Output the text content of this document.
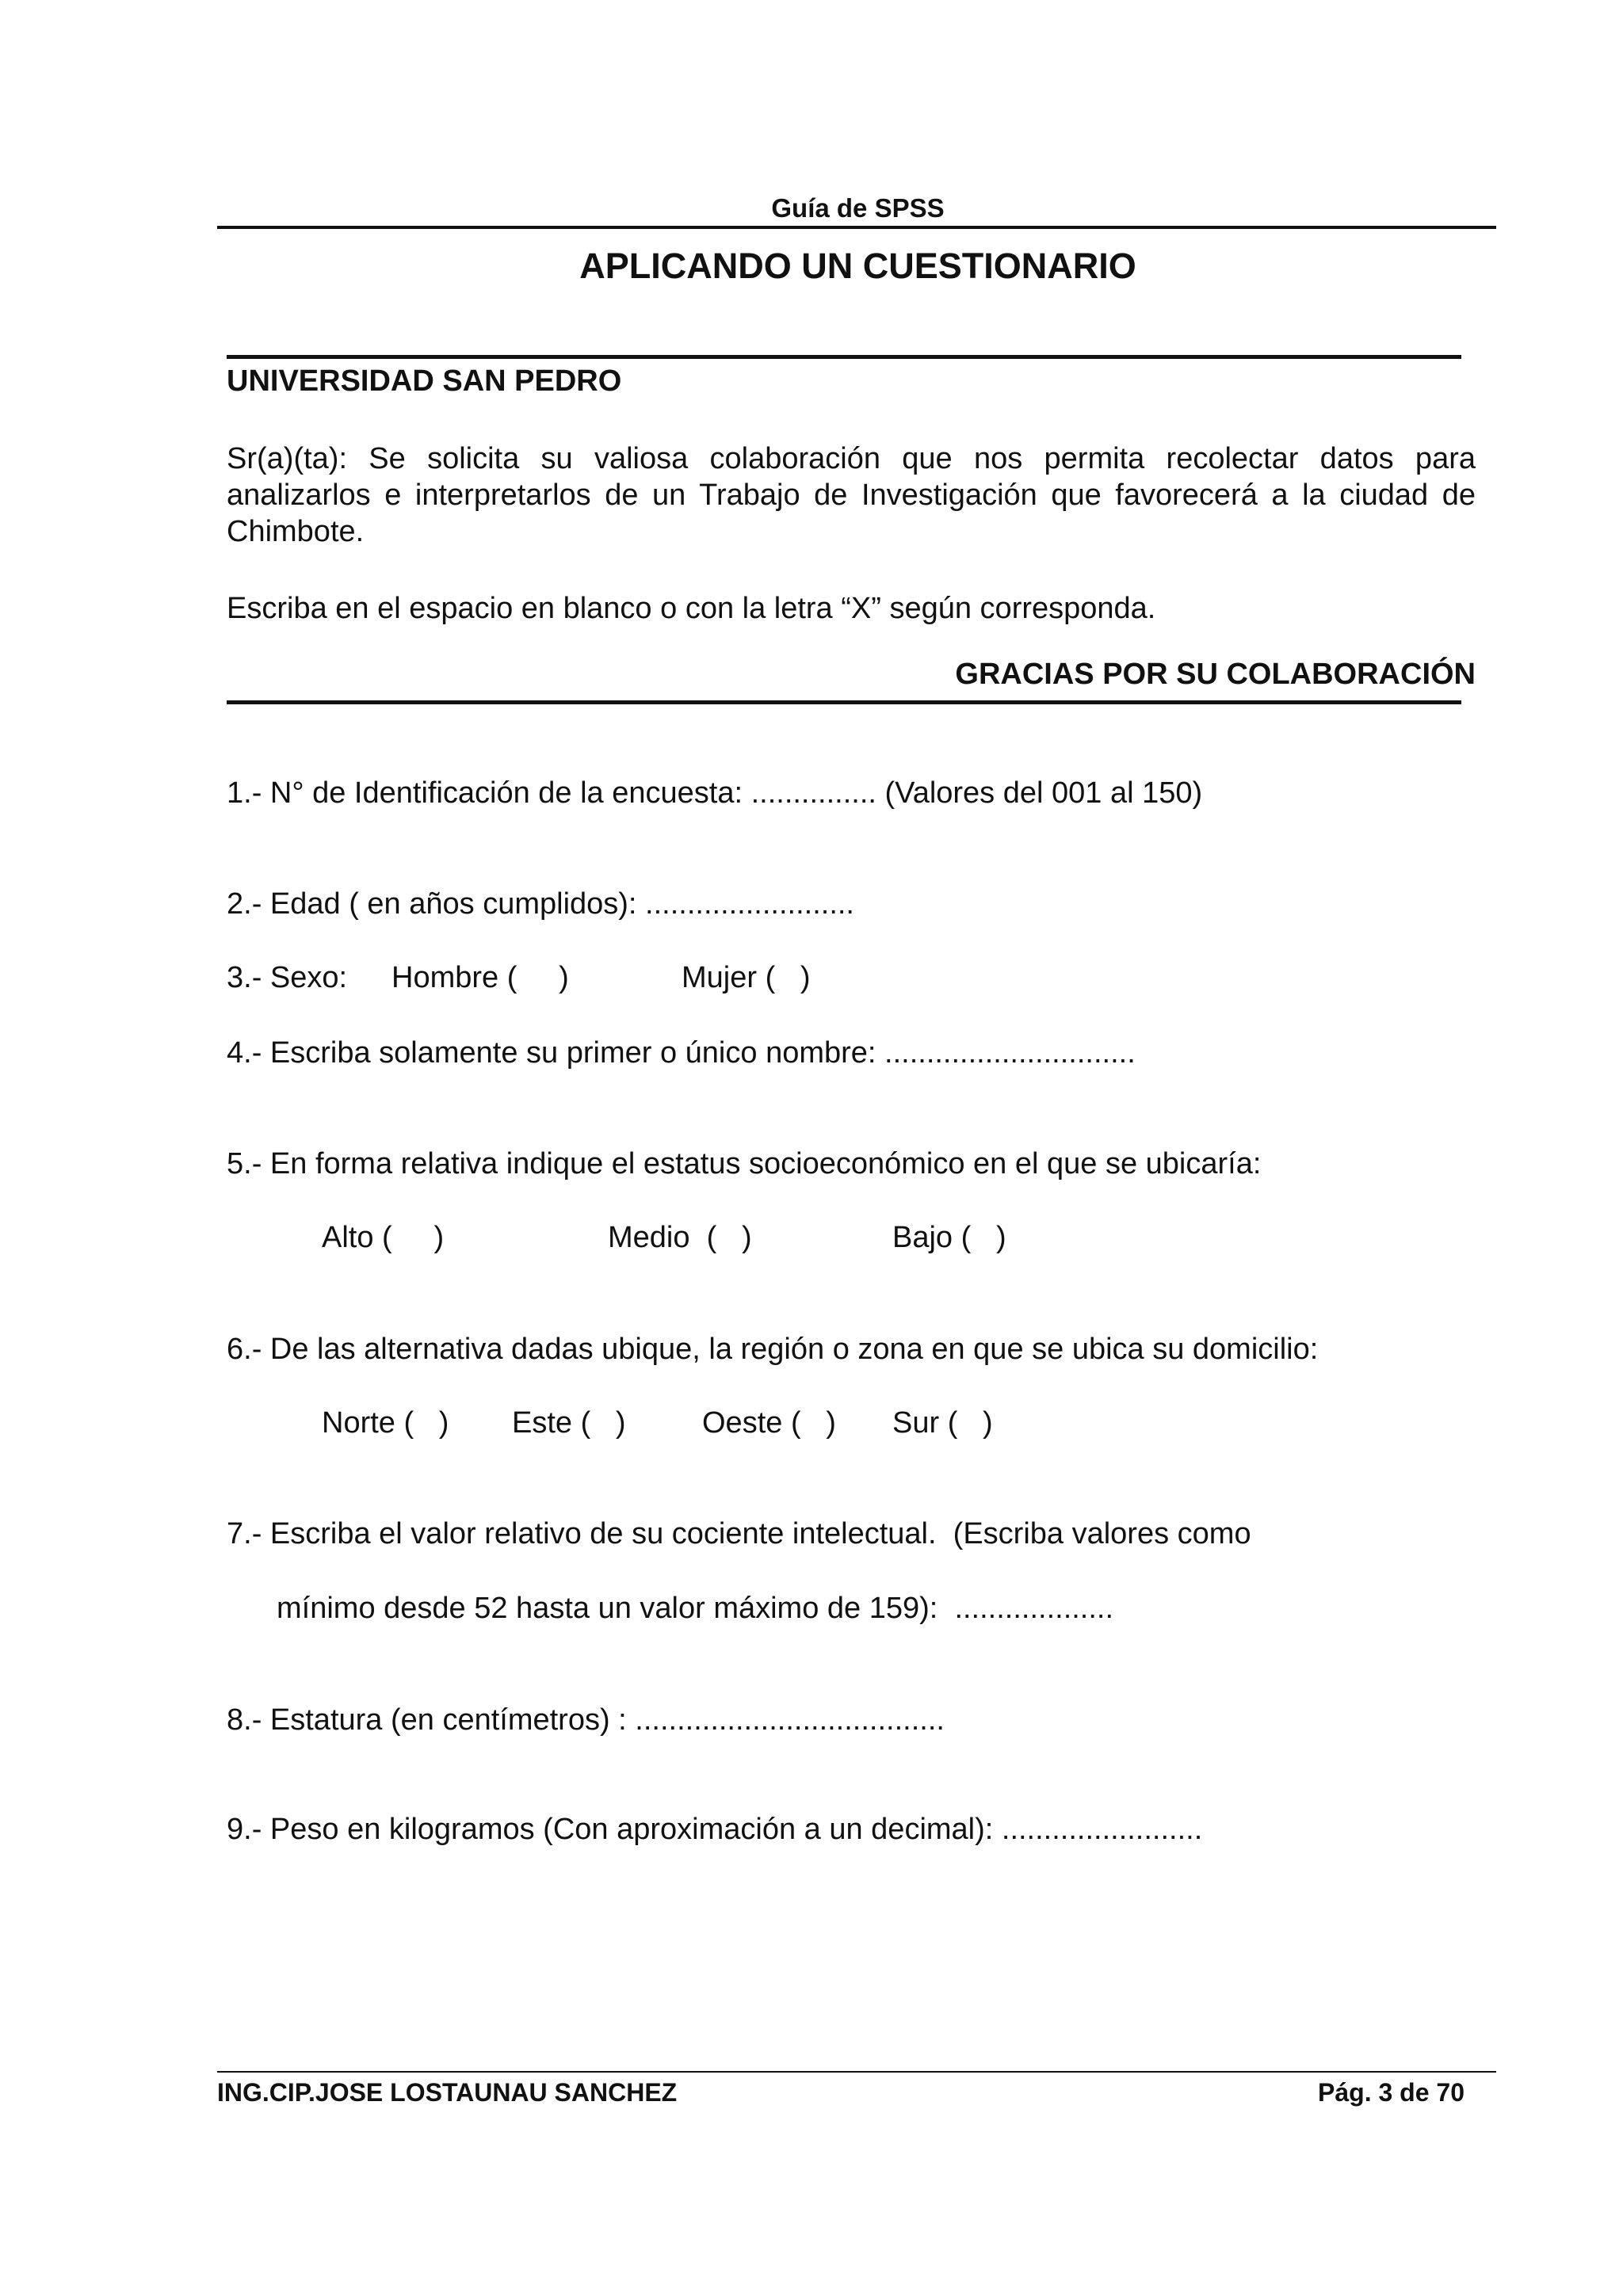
Guía de SPSS
APLICANDO UN CUESTIONARIO
UNIVERSIDAD SAN PEDRO
Sr(a)(ta): Se solicita su valiosa colaboración que nos permita recolectar datos para analizarlos e interpretarlos de un Trabajo de Investigación que favorecerá a la ciudad de Chimbote.
Escriba en el espacio en blanco o con la letra “X” según corresponda.
GRACIAS POR SU COLABORACIÓN
1.- N° de Identificación de la encuesta: ............... (Valores del 001 al 150)
2.- Edad ( en años cumplidos): .........................
3.- Sexo: Hombre (     )	Mujer (   )
4.- Escriba solamente su primer o único nombre: ..............................
5.- En forma relativa indique el estatus socioeconómico en el que se ubicaría:
Alto (     )	Medio  (   )	Bajo (   )
6.- De las alternativa dadas ubique, la región o zona en que se ubica su domicilio:
Norte (   ) Este (   )	Oeste (   ) Sur (   )
7.- Escriba el valor relativo de su cociente intelectual.  (Escriba valores como
mínimo desde 52 hasta un valor máximo de 159):  ...................
8.- Estatura (en centímetros) : .....................................
9.- Peso en kilogramos (Con aproximación a un decimal): ........................
ING.CIP.JOSE LOSTAUNAU SANCHEZ	Pág. 3 de 70
